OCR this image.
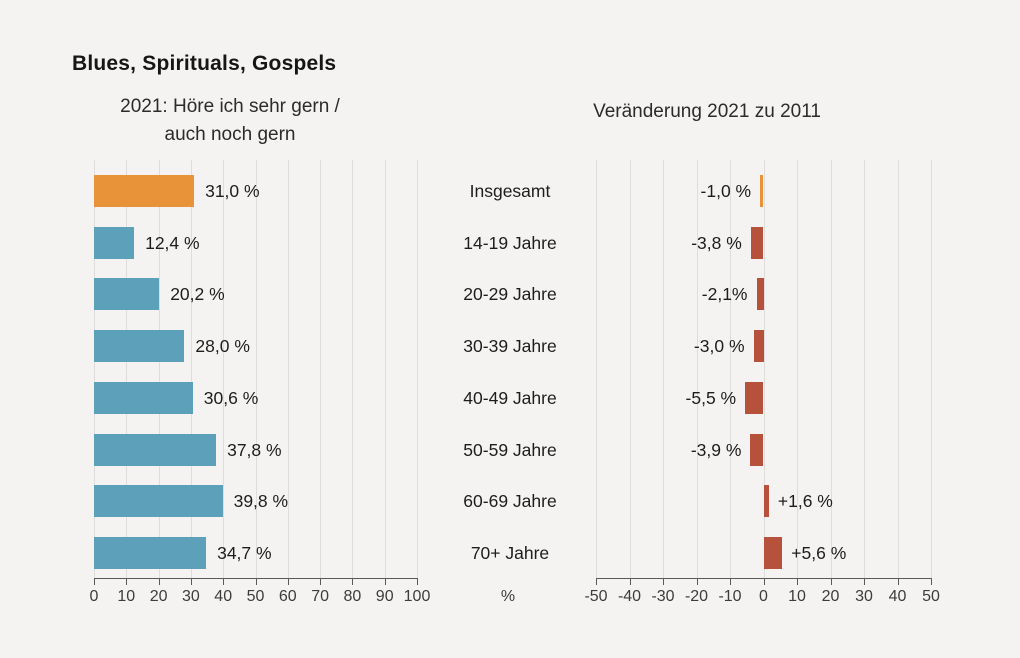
Blues, Spirituals, Gospels
2021: Höre ich sehr gern /
auch noch gern
Veränderung 2021 zu 2011
%
0 10 20 30 40 50 60 70 80 90 100
31,0 %
12,4 %
20,2 %
28,0 %
30,6 %
37,8 %
39,8 %
34,7 %
Insgesamt
14-19 Jahre
20-29 Jahre
30-39 Jahre
40-49 Jahre
50-59 Jahre
60-69 Jahre
70+ Jahre
-50 -40 -30 -20 -10 0 10 20 30 40 50
-1,0 %
-3,8 %
-2,1%
-3,0 %
-5,5 %
-3,9 %
+1,6 %
+5,6 %
